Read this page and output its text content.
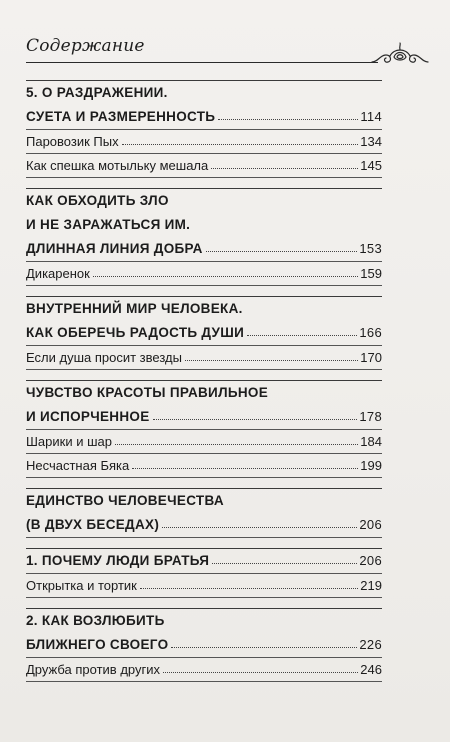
Содержание
5. О РАЗДРАЖЕНИИ.
СУЕТА И РАЗМЕРЕННОСТЬ	114
Паровозик Пых	134
Как спешка мотыльку мешала	145
КАК ОБХОДИТЬ ЗЛО
И НЕ ЗАРАЖАТЬСЯ ИМ.
ДЛИННАЯ ЛИНИЯ ДОБРА	153
Дикаренок	159
ВНУТРЕННИЙ МИР ЧЕЛОВЕКА.
КАК ОБЕРЕЧЬ РАДОСТЬ ДУШИ	166
Если душа просит звезды	170
ЧУВСТВО КРАСОТЫ ПРАВИЛЬНОЕ
И ИСПОРЧЕННОЕ	178
Шарики и шар	184
Несчастная Бяка	199
ЕДИНСТВО ЧЕЛОВЕЧЕСТВА
(В ДВУХ БЕСЕДАХ)	206
1. ПОЧЕМУ ЛЮДИ БРАТЬЯ	206
Открытка и тортик	219
2. КАК ВОЗЛЮБИТЬ
БЛИЖНЕГО СВОЕГО	226
Дружба против других	246
